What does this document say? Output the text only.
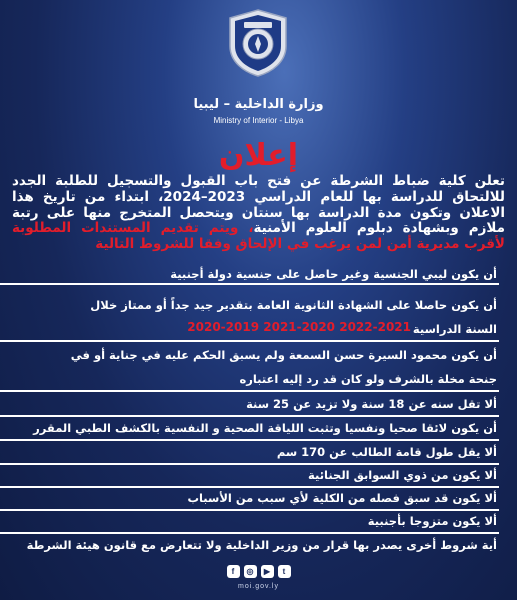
وزارة الداخلية – ليبيا
Ministry of Interior - Libya
إعلان
تعلن كلية ضباط الشرطة عن فتح باب القبول والتسجيل للطلبة الجدد للالتحاق للدراسة بها للعام الدراسي 2023–2024، ابتداء من تاريخ هذا الاعلان وتكون مدة الدراسة بها سنتان ويتحصل المتخرج منها على رتبة ملازم وبشهادة دبلوم العلوم الأمنية، ويتم تقديم المستندات المطلوبة لأقرب مديرية أمن لمن يرغب في الإلحاق وفقا للشروط التالية
أن يكون ليبي الجنسية وغير حاصل على جنسية دولة أجنبية
أن يكون حاصلا على الشهادة الثانوية العامة بتقدير جيد جداً أو ممتاز خلال
السنة الدراسية
2022-2021 2021-2020 2020-2019
أن يكون محمود السيرة حسن السمعة ولم يسبق الحكم عليه في جناية أو في
جنحة مخلة بالشرف ولو كان قد رد إليه اعتباره
ألا تقل سنه عن 18 سنة ولا تزيد عن 25 سنة
أن يكون لائقا صحيا ونفسيا وتثبت اللياقة الصحية و النفسية بالكشف الطبي المقرر
ألا يقل طول قامة الطالب عن 170 سم
ألا يكون من ذوي السوابق الجنائية
ألا يكون قد سبق فصله من الكلية لأي سبب من الأسباب
ألا يكون متزوجا بأجنبية
أية شروط أخرى يصدر بها قرار من وزير الداخلية ولا تتعارض مع قانون هيئة الشرطة
f	◎	▶	t
moi.gov.ly
